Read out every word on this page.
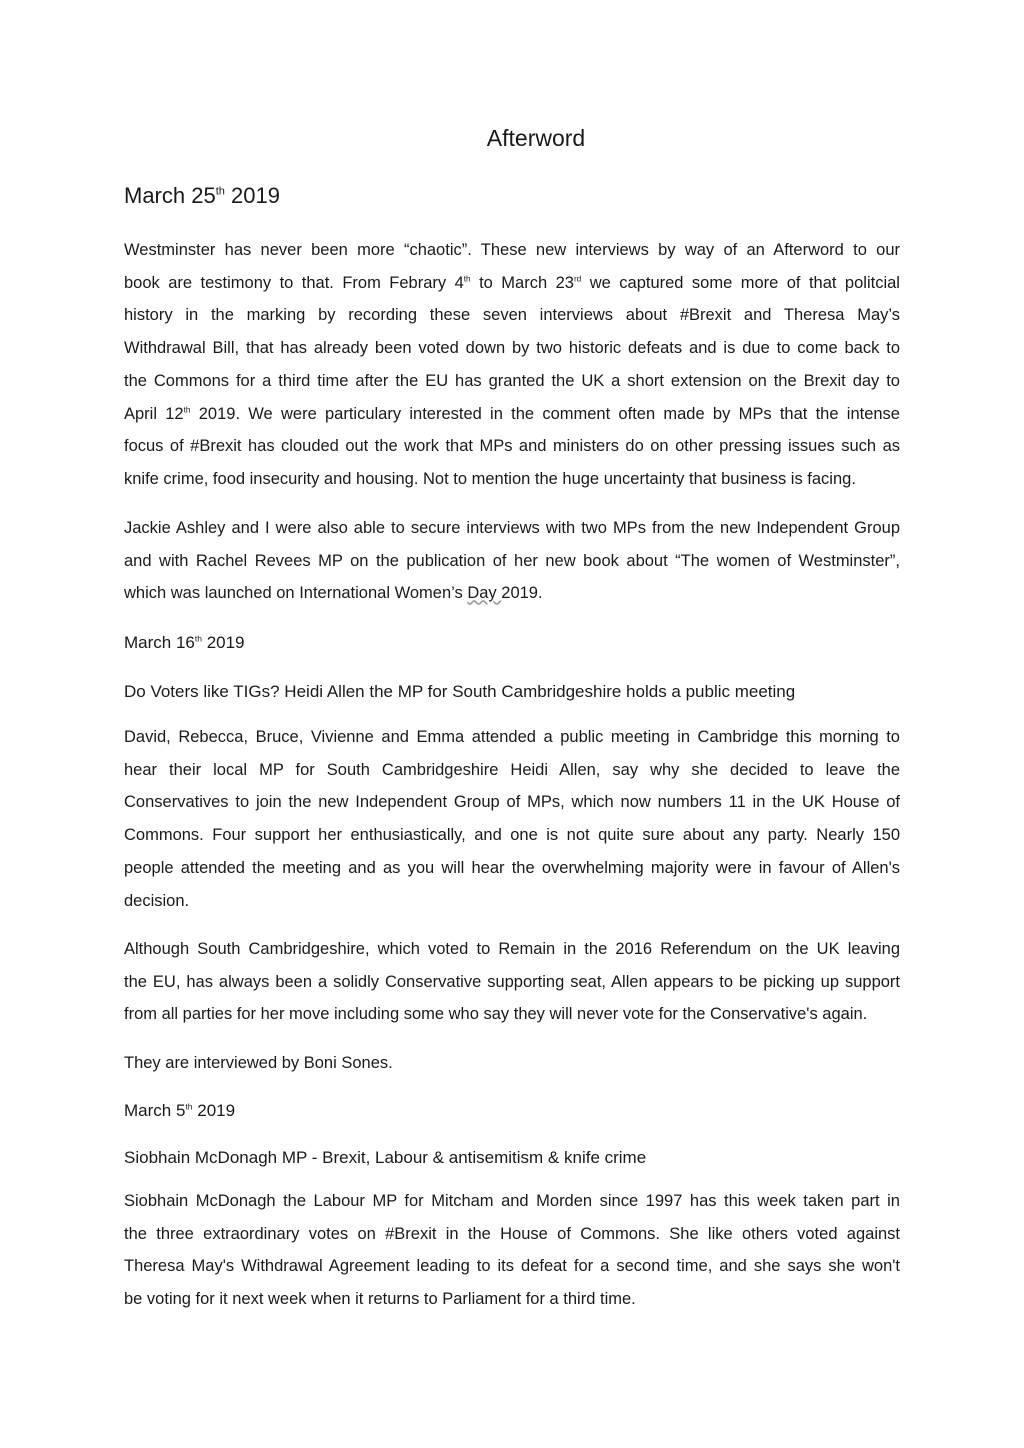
Afterword
March 25th 2019
Westminster has never been more “chaotic”. These new interviews by way of an Afterword to our
book are testimony to that. From Febrary 4th to March 23rd we captured some more of that politcial
history in the marking by recording these seven interviews about #Brexit and Theresa May’s
Withdrawal Bill, that has already been voted down by two historic defeats and is due to come back to
the Commons for a third time after the EU has granted the UK a short extension on the Brexit day to
April 12th 2019. We were particulary interested in the comment often made by MPs that the intense
focus of #Brexit has clouded out the work that MPs and ministers do on other pressing issues such as
knife crime, food insecurity and housing. Not to mention the huge uncertainty that business is facing.
Jackie Ashley and I were also able to secure interviews with two MPs from the new Independent Group
and with Rachel Revees MP on the publication of her new book about “The women of Westminster”,
which was launched on International Women’s Day 2019.
March 16th 2019
Do Voters like TIGs? Heidi Allen the MP for South Cambridgeshire holds a public meeting
David, Rebecca, Bruce, Vivienne and Emma attended a public meeting in Cambridge this morning to
hear their local MP for South Cambridgeshire Heidi Allen, say why she decided to leave the
Conservatives to join the new Independent Group of MPs, which now numbers 11 in the UK House of
Commons. Four support her enthusiastically, and one is not quite sure about any party. Nearly 150
people attended the meeting and as you will hear the overwhelming majority were in favour of Allen's
decision.
Although South Cambridgeshire, which voted to Remain in the 2016 Referendum on the UK leaving
the EU, has always been a solidly Conservative supporting seat, Allen appears to be picking up support
from all parties for her move including some who say they will never vote for the Conservative's again.
They are interviewed by Boni Sones.
March 5th 2019
Siobhain McDonagh MP - Brexit, Labour & antisemitism & knife crime
Siobhain McDonagh the Labour MP for Mitcham and Morden since 1997 has this week taken part in
the three extraordinary votes on #Brexit in the House of Commons. She like others voted against
Theresa May's Withdrawal Agreement leading to its defeat for a second time, and she says she won't
be voting for it next week when it returns to Parliament for a third time.
